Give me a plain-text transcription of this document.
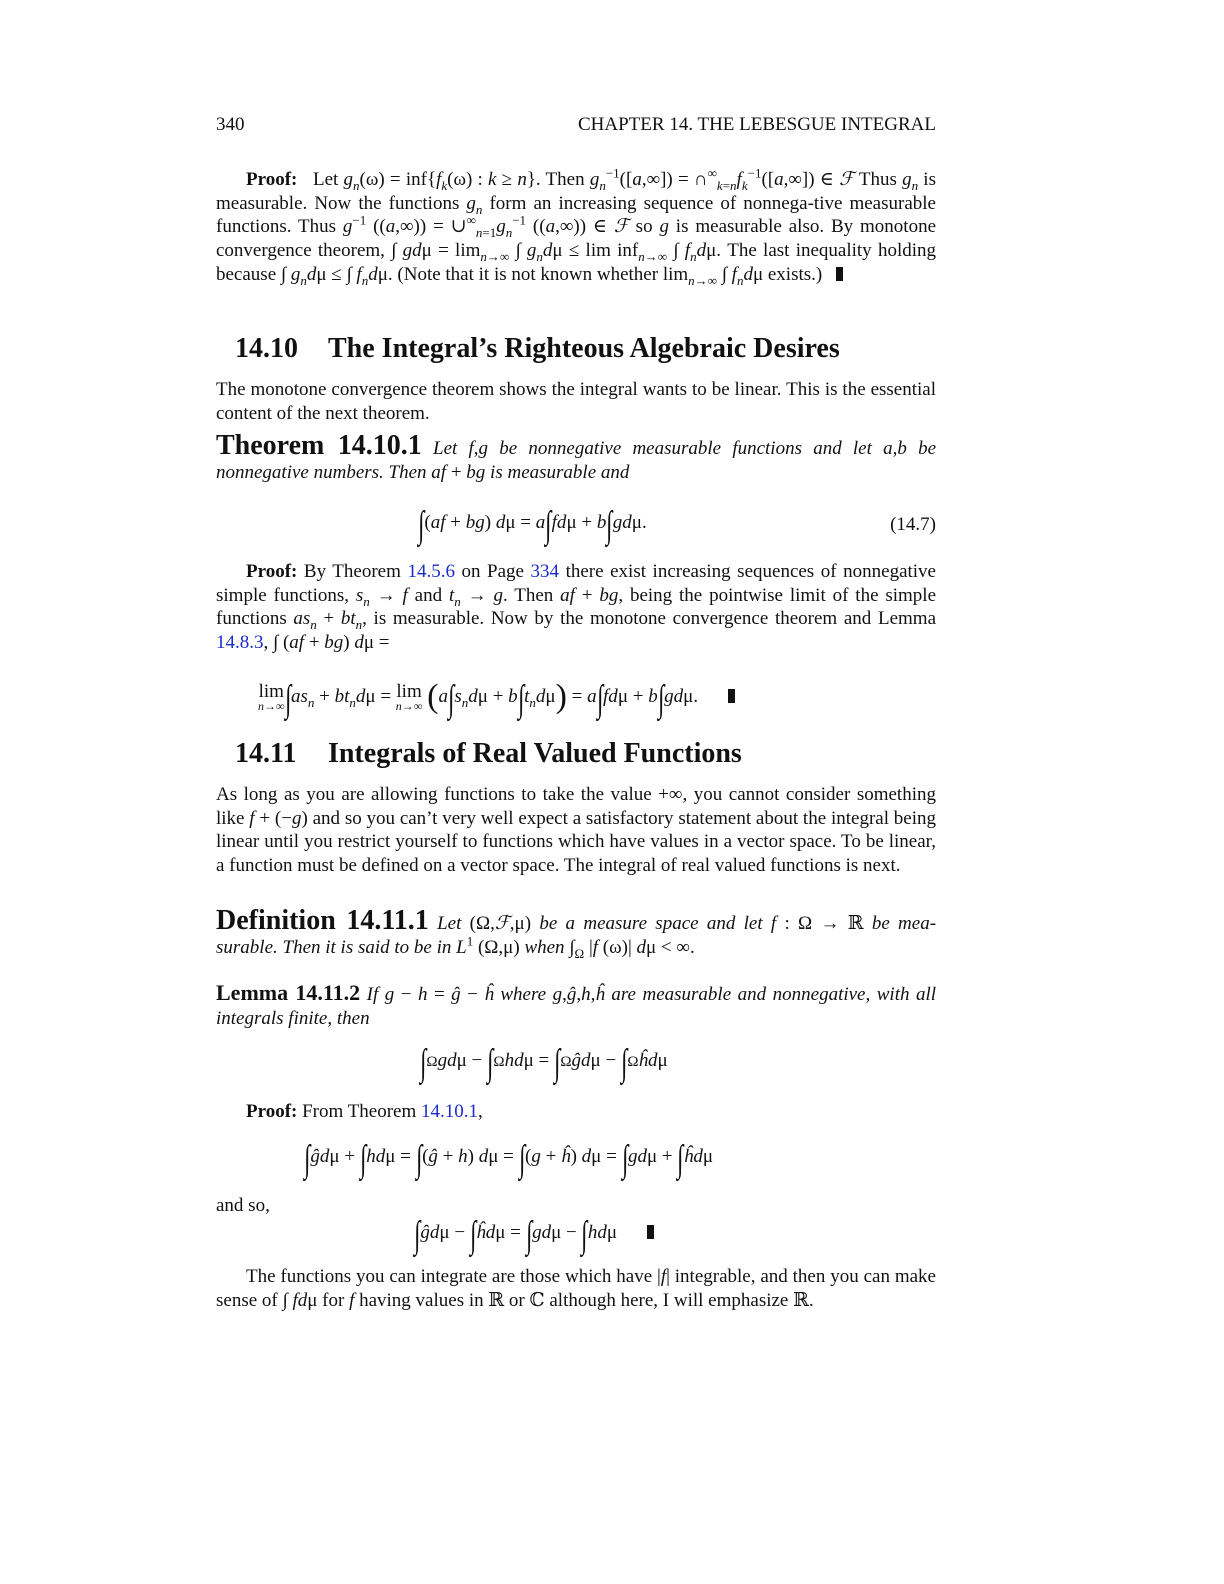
340	CHAPTER 14. THE LEBESGUE INTEGRAL
Proof:   Let $g_n(\omega) = inf\{f_k(\omega)$ : k ≥ n}. Then $g_n^{-1}([a,\infty])$ = $\cap^\infty_{k=n}f_k^{-1}([a,\infty])$ ∈ ℱ Thus $g_n$ is measurable. Now the functions $g_n$ form an increasing sequence of nonnega-tive measurable functions. Thus $g^{-1}$ $((a,\infty)) = \cup^\infty_{n=1}g_n^{-1}$ ((a,∞)) ∈ ℱ so g is measurable also. By monotone convergence theorem, ∫ $gd\mu = \lim_{n\to\infty}$ ∫ $g_nd\mu \le \lim inf_{n\to\infty}$ ∫ $f_nd\mu$. The last inequality holding because ∫ $g_nd\mu$ ≤ ∫ $f_nd\mu$. (Note that it is not known whether $\lim_{n\to\infty}$ ∫ $f_nd\mu$ exists.)
14.10 The Integral’s Righteous Algebraic Desires
The monotone convergence theorem shows the integral wants to be linear. This is the essential content of the next theorem.
Theorem 14.10.1 Let f,g be nonnegative measurable functions and let a,b be nonnegative numbers. Then af + bg is measurable and
∫(af + bg) dμ = a∫fdμ + b∫gdμ.	(14.7)
Proof: By Theorem 14.5.6 on Page 334 there exist increasing sequences of nonnegative simple functions, $s_n \to f$ and $t_n \to g$. Then af + bg, being the pointwise limit of the simple functions $as_n + bt_n$, is measurable. Now by the monotone convergence theorem and Lemma 14.8.3, ∫ (af + bg) dμ =
lim
n→∞ $\int as_n + bt_nd\mu = \lim$
n→∞ $(a\int s_nd\mu + b\int t_nd\mu) = a\int fd\mu + b\int gd\mu$.
14.11 Integrals of Real Valued Functions
As long as you are allowing functions to take the value +∞, you cannot consider something like f + (−g) and so you can’t very well expect a satisfactory statement about the integral being linear until you restrict yourself to functions which have values in a vector space. To be linear, a function must be defined on a vector space. The integral of real valued functions is next.
Definition 14.11.1 Let (Ω,ℱ,μ) be a measure space and let f : Ω → ℝ be mea-surable. Then it is said to be in $L^1$ (Ω,μ) when $\int_\Omega$ |f (ω)| dμ < ∞.
Lemma 14.11.2 If g − h = ĝ − ĥ where g,ĝ,h,ĥ are measurable and nonnegative, with all integrals finite, then
∫Ωgdμ − ∫Ωhdμ = ∫Ωĝdμ − ∫Ωĥdμ
Proof: From Theorem 14.10.1,
∫ĝdμ + ∫hdμ = ∫(ĝ + h) dμ = ∫(g + ĥ) dμ = ∫gdμ + ∫ĥdμ
and so,
∫ĝdμ − ∫ĥdμ = ∫gdμ − ∫hdμ
The functions you can integrate are those which have |f| integrable, and then you can make sense of ∫ fdμ for f having values in ℝ or ℂ although here, I will emphasize ℝ.
